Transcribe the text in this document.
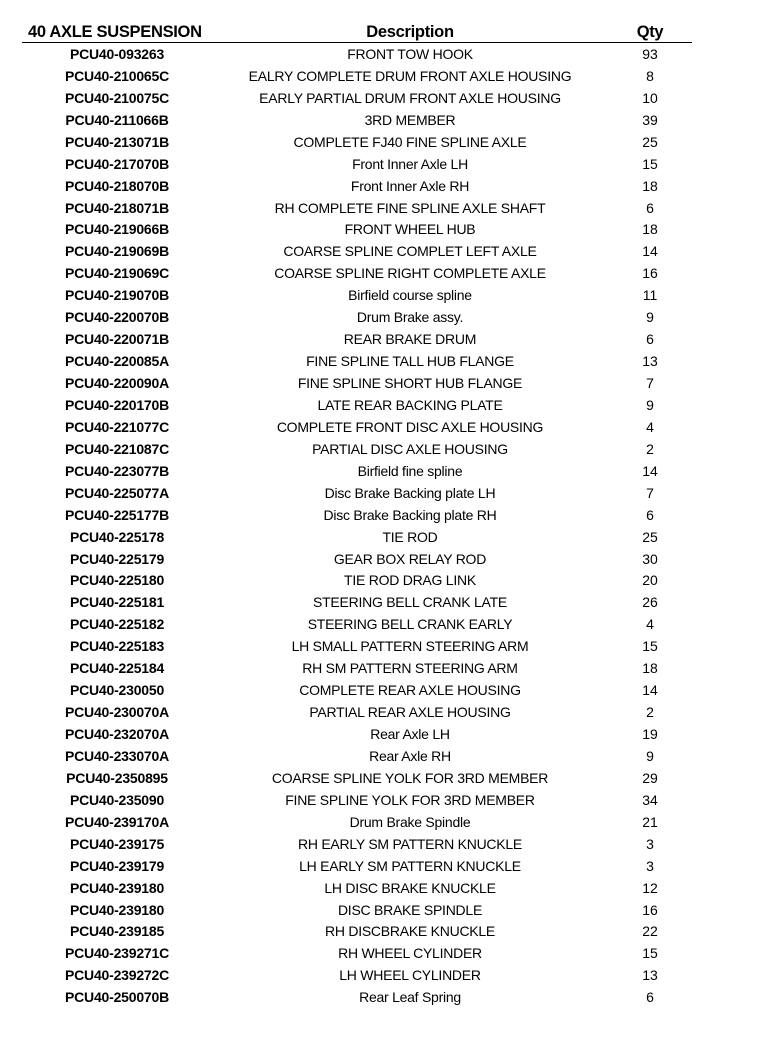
40 AXLE SUSPENSION	Description	Qty
PCU40-093263	FRONT TOW HOOK	93
PCU40-210065C	EALRY COMPLETE DRUM FRONT AXLE HOUSING	8
PCU40-210075C	EARLY PARTIAL DRUM FRONT AXLE HOUSING	10
PCU40-211066B	3RD MEMBER	39
PCU40-213071B	COMPLETE FJ40 FINE SPLINE AXLE	25
PCU40-217070B	Front Inner Axle LH	15
PCU40-218070B	Front Inner Axle RH	18
PCU40-218071B	RH COMPLETE FINE SPLINE AXLE SHAFT	6
PCU40-219066B	FRONT WHEEL HUB	18
PCU40-219069B	COARSE SPLINE COMPLET LEFT AXLE	14
PCU40-219069C	COARSE SPLINE RIGHT COMPLETE AXLE	16
PCU40-219070B	Birfield course spline	11
PCU40-220070B	Drum Brake assy.	9
PCU40-220071B	REAR BRAKE DRUM	6
PCU40-220085A	FINE SPLINE TALL HUB FLANGE	13
PCU40-220090A	FINE SPLINE SHORT HUB FLANGE	7
PCU40-220170B	LATE REAR BACKING PLATE	9
PCU40-221077C	COMPLETE FRONT DISC AXLE HOUSING	4
PCU40-221087C	PARTIAL DISC AXLE HOUSING	2
PCU40-223077B	Birfield fine spline	14
PCU40-225077A	Disc Brake Backing plate LH	7
PCU40-225177B	Disc Brake Backing plate RH	6
PCU40-225178	TIE ROD	25
PCU40-225179	GEAR BOX RELAY ROD	30
PCU40-225180	TIE ROD DRAG LINK	20
PCU40-225181	STEERING BELL CRANK LATE	26
PCU40-225182	STEERING BELL CRANK EARLY	4
PCU40-225183	LH SMALL PATTERN STEERING ARM	15
PCU40-225184	RH SM PATTERN STEERING ARM	18
PCU40-230050	COMPLETE REAR AXLE HOUSING	14
PCU40-230070A	PARTIAL REAR AXLE HOUSING	2
PCU40-232070A	Rear Axle LH	19
PCU40-233070A	Rear Axle RH	9
PCU40-2350895	COARSE SPLINE YOLK FOR 3RD MEMBER	29
PCU40-235090	FINE SPLINE YOLK FOR 3RD MEMBER	34
PCU40-239170A	Drum Brake Spindle	21
PCU40-239175	RH EARLY SM PATTERN KNUCKLE	3
PCU40-239179	LH EARLY SM PATTERN KNUCKLE	3
PCU40-239180	LH DISC BRAKE KNUCKLE	12
PCU40-239180	DISC BRAKE SPINDLE	16
PCU40-239185	RH DISCBRAKE KNUCKLE	22
PCU40-239271C	RH WHEEL CYLINDER	15
PCU40-239272C	LH WHEEL CYLINDER	13
PCU40-250070B	Rear Leaf Spring	6
